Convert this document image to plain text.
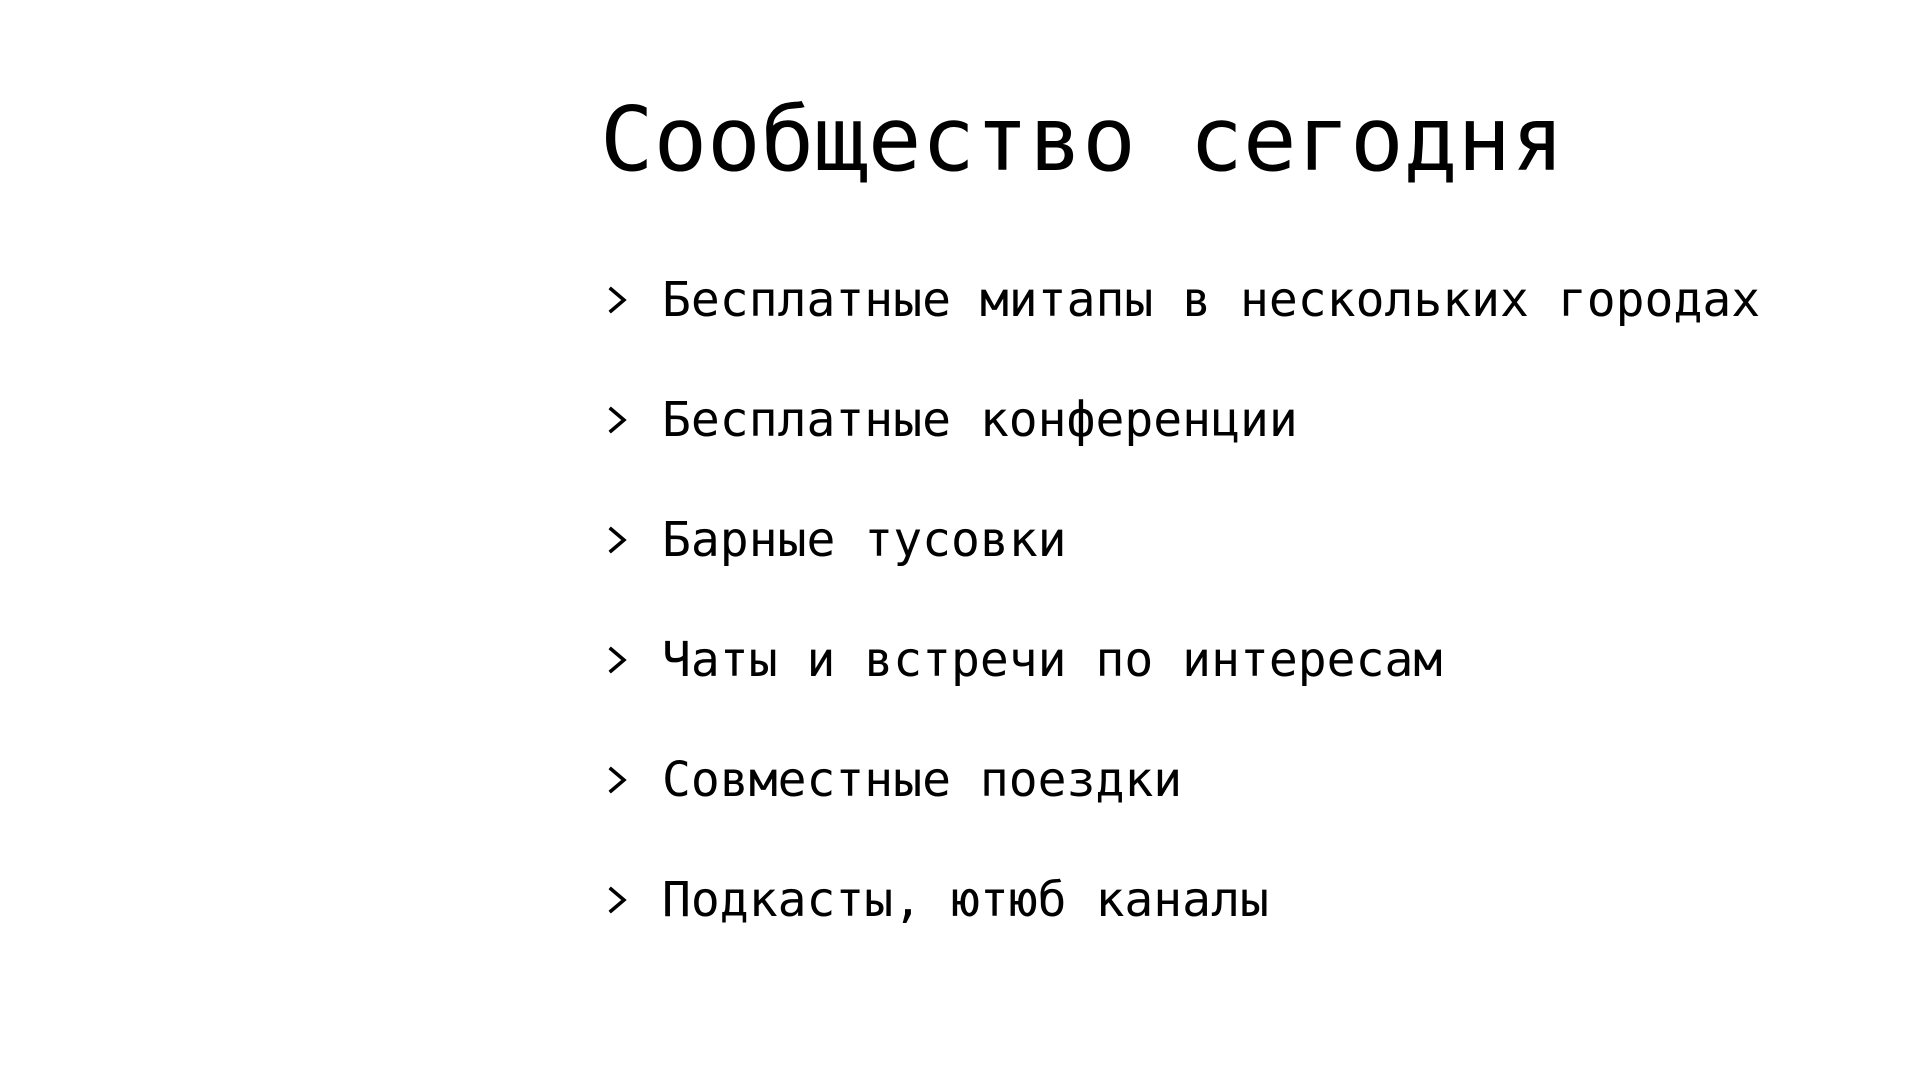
Сообщество сегодня
Бесплатные митапы в нескольких городах
Бесплатные конференции
Барные тусовки
Чаты и встречи по интересам
Совместные поездки
Подкасты, ютюб каналы
